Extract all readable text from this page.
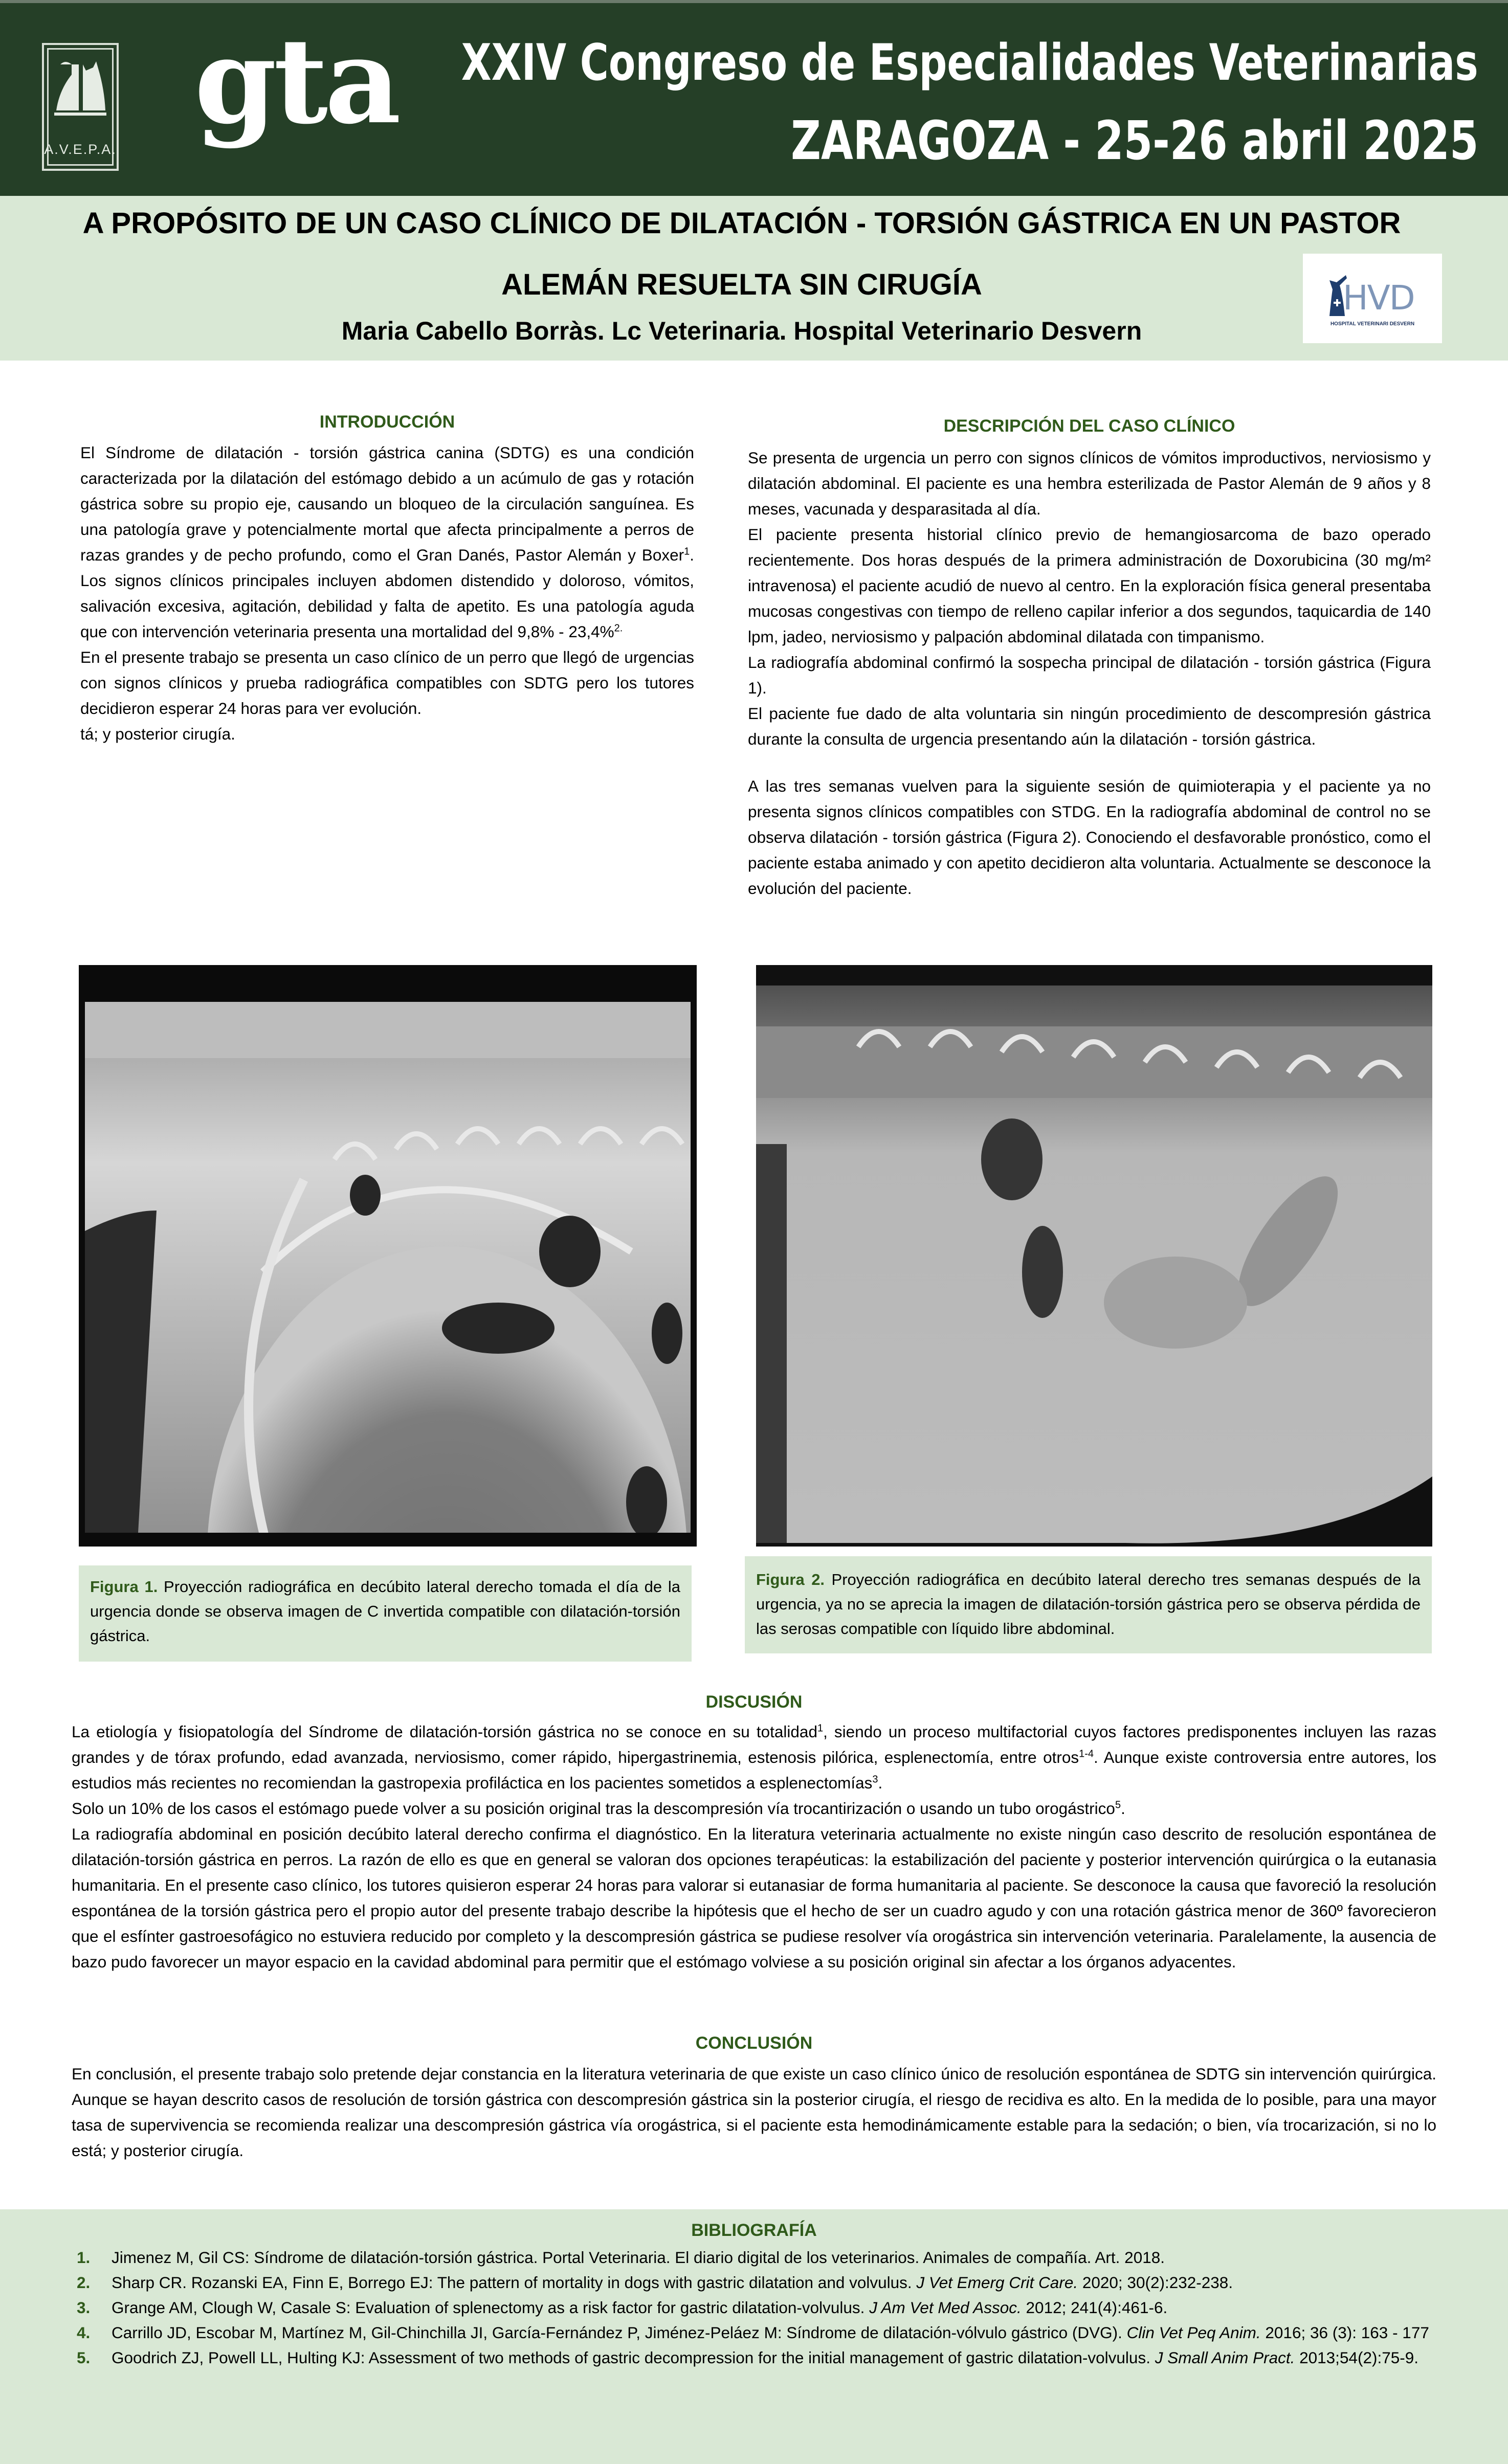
A.V.E.P.A. gta XXIV Congreso de Especialidades Veterinarias
ZARAGOZA - 25-26 abril 2025
A PROPÓSITO DE UN CASO CLÍNICO DE DILATACIÓN - TORSIÓN GÁSTRICA EN UN PASTOR
ALEMÁN RESUELTA SIN CIRUGÍA
Maria Cabello Borràs. Lc Veterinaria. Hospital Veterinario Desvern
HVD
HOSPITAL VETERINARI DESVERN
INTRODUCCIÓN

El Síndrome de dilatación - torsión gástrica canina (SDTG) es una condición caracterizada por la dilatación del estómago debido a un acúmulo de gas y rotación gástrica sobre su propio eje, causando un bloqueo de la circulación sanguínea. Es una patología grave y potencialmente mortal que afecta principalmente a perros de razas grandes y de pecho profundo, como el Gran Danés, Pastor Alemán y Boxer$^1$. Los signos clínicos principales incluyen abdomen distendido y doloroso, vómitos, salivación excesiva, agitación, debilidad y falta de apetito. Es una patología aguda que con intervención veterinaria presenta una mortalidad del 9,8% - 23,4%$^{2.}$

En el presente trabajo se presenta un caso clínico de un perro que llegó de urgencias con signos clínicos y prueba radiográfica compatibles con SDTG pero los tutores decidieron esperar 24 horas para ver evolución.

tá; y posterior cirugía.

DESCRIPCIÓN DEL CASO CLÍNICO

Se presenta de urgencia un perro con signos clínicos de vómitos improductivos, nerviosismo y dilatación abdominal. El paciente es una hembra esterilizada de Pastor Alemán de 9 años y 8 meses, vacunada y desparasitada al día.

El paciente presenta historial clínico previo de hemangiosarcoma de bazo operado recientemente. Dos horas después de la primera administración de Doxorubicina (30 mg/m² intravenosa) el paciente acudió de nuevo al centro. En la exploración física general presentaba mucosas congestivas con tiempo de relleno capilar inferior a dos segundos, taquicardia de 140 lpm, jadeo, nerviosismo y palpación abdominal dilatada con timpanismo.

La radiografía abdominal confirmó la sospecha principal de dilatación - torsión gástrica (Figura 1).

El paciente fue dado de alta voluntaria sin ningún procedimiento de descompresión gástrica durante la consulta de urgencia presentando aún la dilatación - torsión gástrica.

A las tres semanas vuelven para la siguiente sesión de quimioterapia y el paciente ya no presenta signos clínicos compatibles con STDG. En la radiografía abdominal de control no se observa dilatación - torsión gástrica (Figura 2). Conociendo el desfavorable pronóstico, como el paciente estaba animado y con apetito decidieron alta voluntaria. Actualmente se desconoce la evolución del paciente.

Figura 1. Proyección radiográfica en decúbito lateral derecho tomada el día de la urgencia donde se observa imagen de C invertida compatible con dilatación-torsión gástrica.
Figura 2. Proyección radiográfica en decúbito lateral derecho tres semanas después de la urgencia, ya no se aprecia la imagen de dilatación-torsión gástrica pero se observa pérdida de las serosas compatible con líquido libre abdominal.
DISCUSIÓN

La etiología y fisiopatología del Síndrome de dilatación-torsión gástrica no se conoce en su totalidad$^1$, siendo un proceso multifactorial cuyos factores predisponentes incluyen las razas grandes y de tórax profundo, edad avanzada, nerviosismo, comer rápido, hipergastrinemia, estenosis pilórica, esplenectomía, entre otros$^{1-4}$. Aunque existe controversia entre autores, los estudios más recientes no recomiendan la gastropexia profiláctica en los pacientes sometidos a esplenectomías$^3$.

Solo un 10% de los casos el estómago puede volver a su posición original tras la descompresión vía trocantirización o usando un tubo orogástrico$^5$.

La radiografía abdominal en posición decúbito lateral derecho confirma el diagnóstico. En la literatura veterinaria actualmente no existe ningún caso descrito de resolución espontánea de dilatación-torsión gástrica en perros. La razón de ello es que en general se valoran dos opciones terapéuticas: la estabilización del paciente y posterior intervención quirúrgica o la eutanasia humanitaria. En el presente caso clínico, los tutores quisieron esperar 24 horas para valorar si eutanasiar de forma humanitaria al paciente. Se desconoce la causa que favoreció la resolución espontánea de la torsión gástrica pero el propio autor del presente trabajo describe la hipótesis que el hecho de ser un cuadro agudo y con una rotación gástrica menor de 360º favorecieron que el esfínter gastroesofágico no estuviera reducido por completo y la descompresión gástrica se pudiese resolver vía orogástrica sin intervención veterinaria. Paralelamente, la ausencia de bazo pudo favorecer un mayor espacio en la cavidad abdominal para permitir que el estómago volviese a su posición original sin afectar a los órganos adyacentes.

CONCLUSIÓN

En conclusión, el presente trabajo solo pretende dejar constancia en la literatura veterinaria de que existe un caso clínico único de resolución espontánea de SDTG sin intervención quirúrgica. Aunque se hayan descrito casos de resolución de torsión gástrica con descompresión gástrica sin la posterior cirugía, el riesgo de recidiva es alto. En la medida de lo posible, para una mayor tasa de supervivencia se recomienda realizar una descompresión gástrica vía orogástrica, si el paciente esta hemodinámicamente estable para la sedación; o bien, vía trocarización, si no lo está; y posterior cirugía.

BIBLIOGRAFÍA
1. Jimenez M, Gil CS: Síndrome de dilatación-torsión gástrica. Portal Veterinaria. El diario digital de los veterinarios. Animales de compañía. Art. 2018.
2. Sharp CR. Rozanski EA, Finn E, Borrego EJ: The pattern of mortality in dogs with gastric dilatation and volvulus. J Vet Emerg Crit Care. 2020; 30(2):232-238.
3. Grange AM, Clough W, Casale S: Evaluation of splenectomy as a risk factor for gastric dilatation-volvulus. J Am Vet Med Assoc. 2012; 241(4):461-6.
4. Carrillo JD, Escobar M, Martínez M, Gil-Chinchilla JI, García-Fernández P, Jiménez-Peláez M: Síndrome de dilatación-vólvulo gástrico (DVG). Clin Vet Peq Anim. 2016; 36 (3): 163 - 177
5. Goodrich ZJ, Powell LL, Hulting KJ: Assessment of two methods of gastric decompression for the initial management of gastric dilatation-volvulus. J Small Anim Pract. 2013;54(2):75-9.
